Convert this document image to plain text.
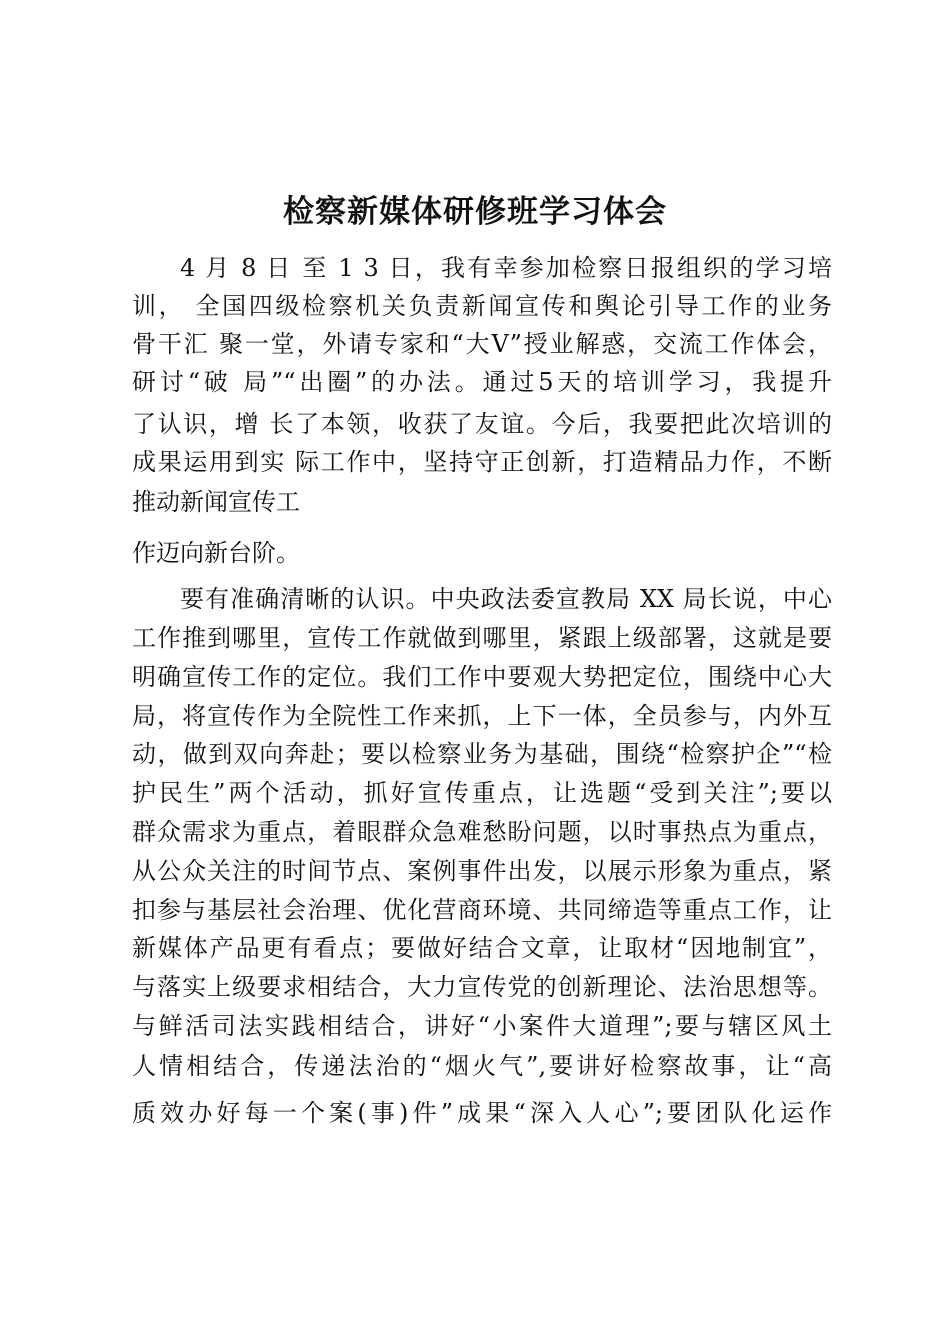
检察新媒体研修班学习体会

4 月 8 日 至 1 3 日，我有幸参加检察日报组织的学习培

训， 全国四级检察机关负责新闻宣传和舆论引导工作的业务

骨干汇 聚一堂，外请专家和“大V”授业解惑，交流工作体会，

研讨“破 局”“出圈”的办法。通过5天的培训学习，我提升

了认识，增 长了本领，收获了友谊。今后，我要把此次培训的

成果运用到实 际工作中，坚持守正创新，打造精品力作，不断

推动新闻宣传工

作迈向新台阶。

要有准确清晰的认识。中央政法委宣教局 XX 局长说，中心

工作推到哪里，宣传工作就做到哪里，紧跟上级部署，这就是要

明确宣传工作的定位。我们工作中要观大势把定位，围绕中心大

局，将宣传作为全院性工作来抓，上下一体，全员参与，内外互

动，做到双向奔赴；要以检察业务为基础，围绕“检察护企”“检

护民生”两个活动，抓好宣传重点，让选题“受到关注”;要以

群众需求为重点，着眼群众急难愁盼问题，以时事热点为重点，

从公众关注的时间节点、案例事件出发，以展示形象为重点，紧

扣参与基层社会治理、优化营商环境、共同缔造等重点工作，让

新媒体产品更有看点；要做好结合文章，让取材“因地制宜”，

与落实上级要求相结合，大力宣传党的创新理论、法治思想等。

与鲜活司法实践相结合，讲好“小案件大道理”;要与辖区风土

人情相结合，传递法治的“烟火气”,要讲好检察故事，让“高

质效办好每一个案(事)件”成果“深入人心”;要团队化运作
